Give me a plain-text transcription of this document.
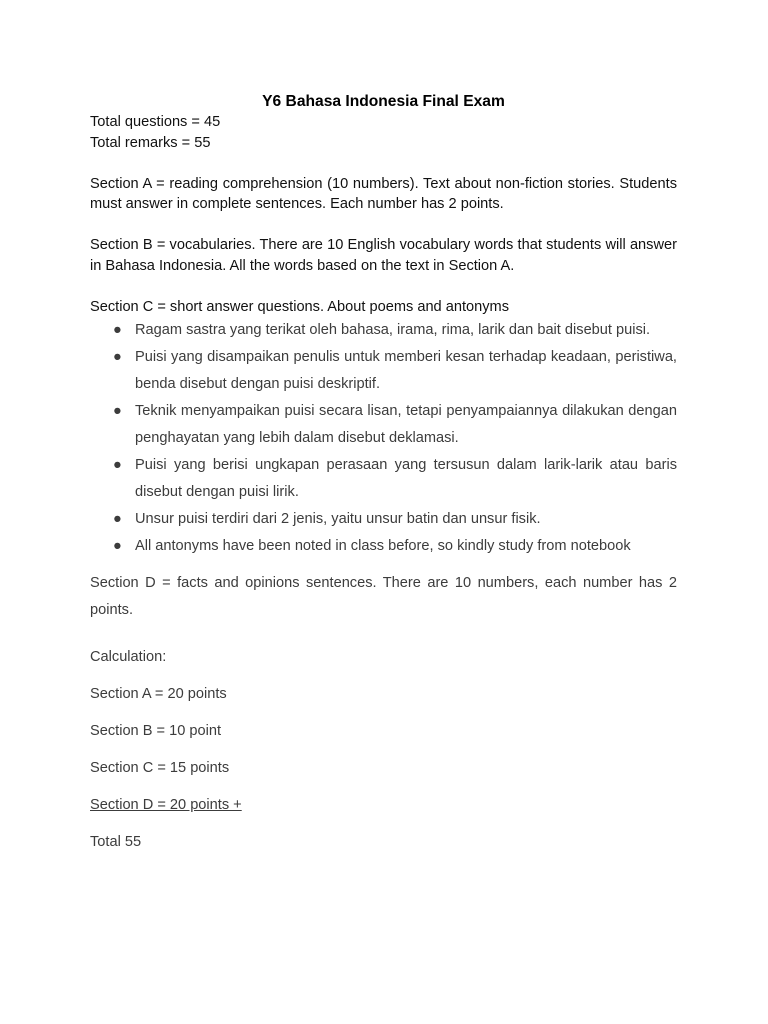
Y6 Bahasa Indonesia Final Exam

Total questions = 45

Total remarks = 55

Section A = reading comprehension (10 numbers). Text about non-fiction stories. Students must answer in complete sentences. Each number has 2 points.

Section B = vocabularies. There are 10 English vocabulary words that students will answer in Bahasa Indonesia. All the words based on the text in Section A.

Section C = short answer questions. About poems and antonyms

● Ragam sastra yang terikat oleh bahasa, irama, rima, larik dan bait disebut puisi.
● Puisi yang disampaikan penulis untuk memberi kesan terhadap keadaan, peristiwa, benda disebut dengan puisi deskriptif.
● Teknik menyampaikan puisi secara lisan, tetapi penyampaiannya dilakukan dengan penghayatan yang lebih dalam disebut deklamasi.
● Puisi yang berisi ungkapan perasaan yang tersusun dalam larik-larik atau baris disebut dengan puisi lirik.
● Unsur puisi terdiri dari 2 jenis, yaitu unsur batin dan unsur fisik.
● All antonyms have been noted in class before, so kindly study from notebook

Section D = facts and opinions sentences. There are 10 numbers, each number has 2 points.

Calculation:

Section A = 20 points

Section B = 10 point

Section C = 15 points

Section D = 20 points +

Total 55
